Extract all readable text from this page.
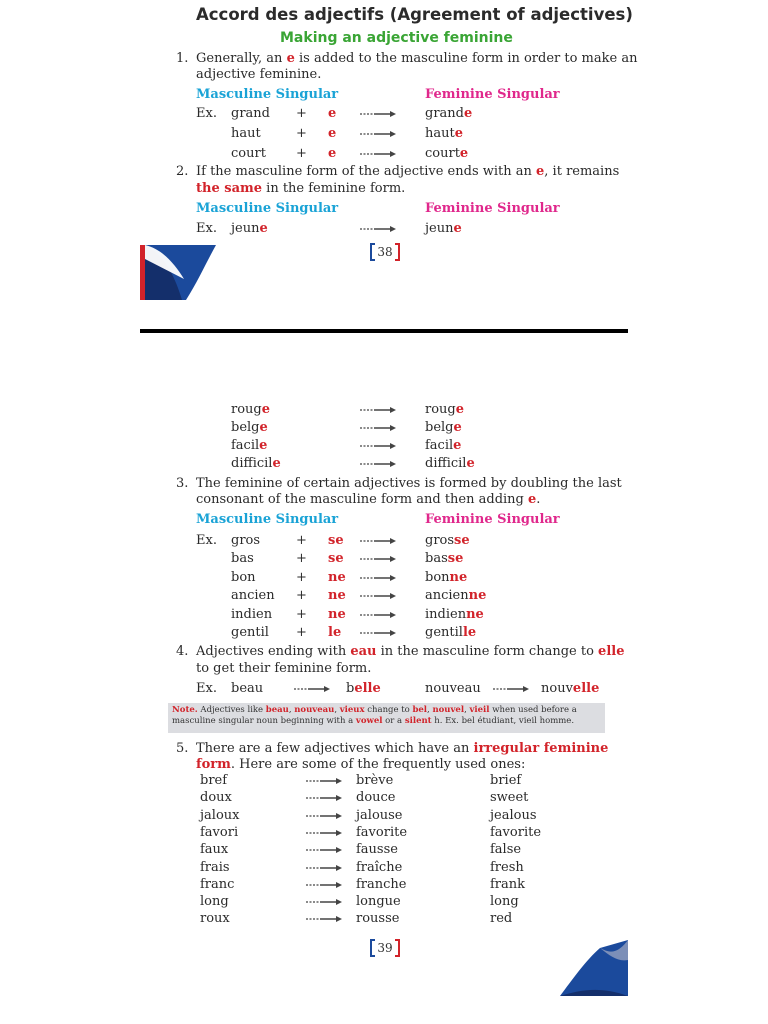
Accord des adjectifs (Agreement of adjectives)
Making an adjective feminine
1. Generally, an e is added to the masculine form in order to make an
adjective feminine.
Masculine Singular	Feminine Singular
Ex. grand + e	grande
haut	+ e	haute
court + e	courte
2. If the masculine form of the adjective ends with an e, it remains
the same in the feminine form.
Masculine Singular	Feminine Singular
Ex. jeune	jeune
38
rouge	rouge
belge	belge
facile	facile
difficile	difficile
3. The feminine of certain adjectives is formed by doubling the last
consonant of the masculine form and then adding e.
Masculine Singular	Feminine Singular
Ex. gros	+ se	grosse
bas	+ se	basse
bon	+ ne	bonne
ancien + ne	ancienne
indien + ne	indienne
gentil + le	gentille
4. Adjectives ending with eau in the masculine form change to elle
to get their feminine form.
Ex. beau	belle	nouveau	nouvelle
Note. Adjectives like beau, nouveau, vieux change to bel, nouvel, vieil when used before a
masculine singular noun beginning with a vowel or a silent h. Ex. bel étudiant, vieil homme.
5. There are a few adjectives which have an irregular feminine
form. Here are some of the frequently used ones:
bref	brève	brief
doux	douce	sweet
jaloux	jalouse	jealous
favori	favorite	favorite
faux	fausse	false
frais	fraîche	fresh
franc	franche	frank
long	longue	long
roux	rousse	red
39
